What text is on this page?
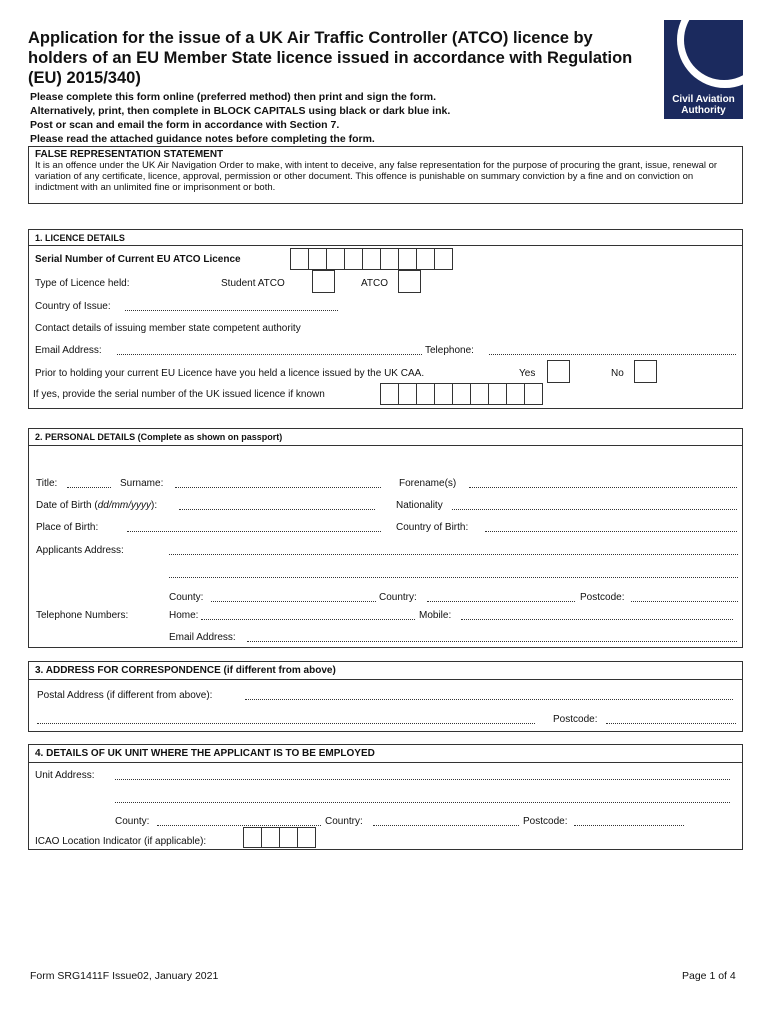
Application for the issue of a UK Air Traffic Controller (ATCO) licence by holders of an EU Member State licence issued in accordance with Regulation (EU) 2015/340)
Please complete this form online (preferred method) then print and sign the form.
Alternatively, print, then complete in BLOCK CAPITALS using black or dark blue ink.
Post or scan and email the form in accordance with Section 7.
Please read the attached guidance notes before completing the form.
Civil Aviation
Authority
FALSE REPRESENTATION STATEMENT
It is an offence under the UK Air Navigation Order to make, with intent to deceive, any false representation for the purpose of procuring the grant, issue, renewal or variation of any certificate, licence, approval, permission or other document. This offence is punishable on summary conviction by a fine and on conviction on indictment with an unlimited fine or imprisonment or both.
1. LICENCE DETAILS
Serial Number of Current EU ATCO Licence
Type of Licence held:	Student ATCO	ATCO
Country of Issue:
Contact details of issuing member state competent authority
Email Address:	Telephone:
Prior to holding your current EU Licence have you held a licence issued by the UK CAA.	Yes	No
If yes, provide the serial number of the UK issued licence if known
2. PERSONAL DETAILS (Complete as shown on passport)
Title:	Surname:	Forename(s)
Date of Birth (dd/mm/yyyy):	Nationality
Place of Birth:	Country of Birth:
Applicants Address:
County:	Country:	Postcode:
Telephone Numbers:	Home:	Mobile:
Email Address:
3. ADDRESS FOR CORRESPONDENCE (if different from above)
Postal Address (if different from above):
Postcode:
4. DETAILS OF UK UNIT WHERE THE APPLICANT IS TO BE EMPLOYED
Unit Address:
County:	Country:	Postcode:
ICAO Location Indicator (if applicable):
Form SRG1411F Issue02, January 2021	Page 1 of 4
